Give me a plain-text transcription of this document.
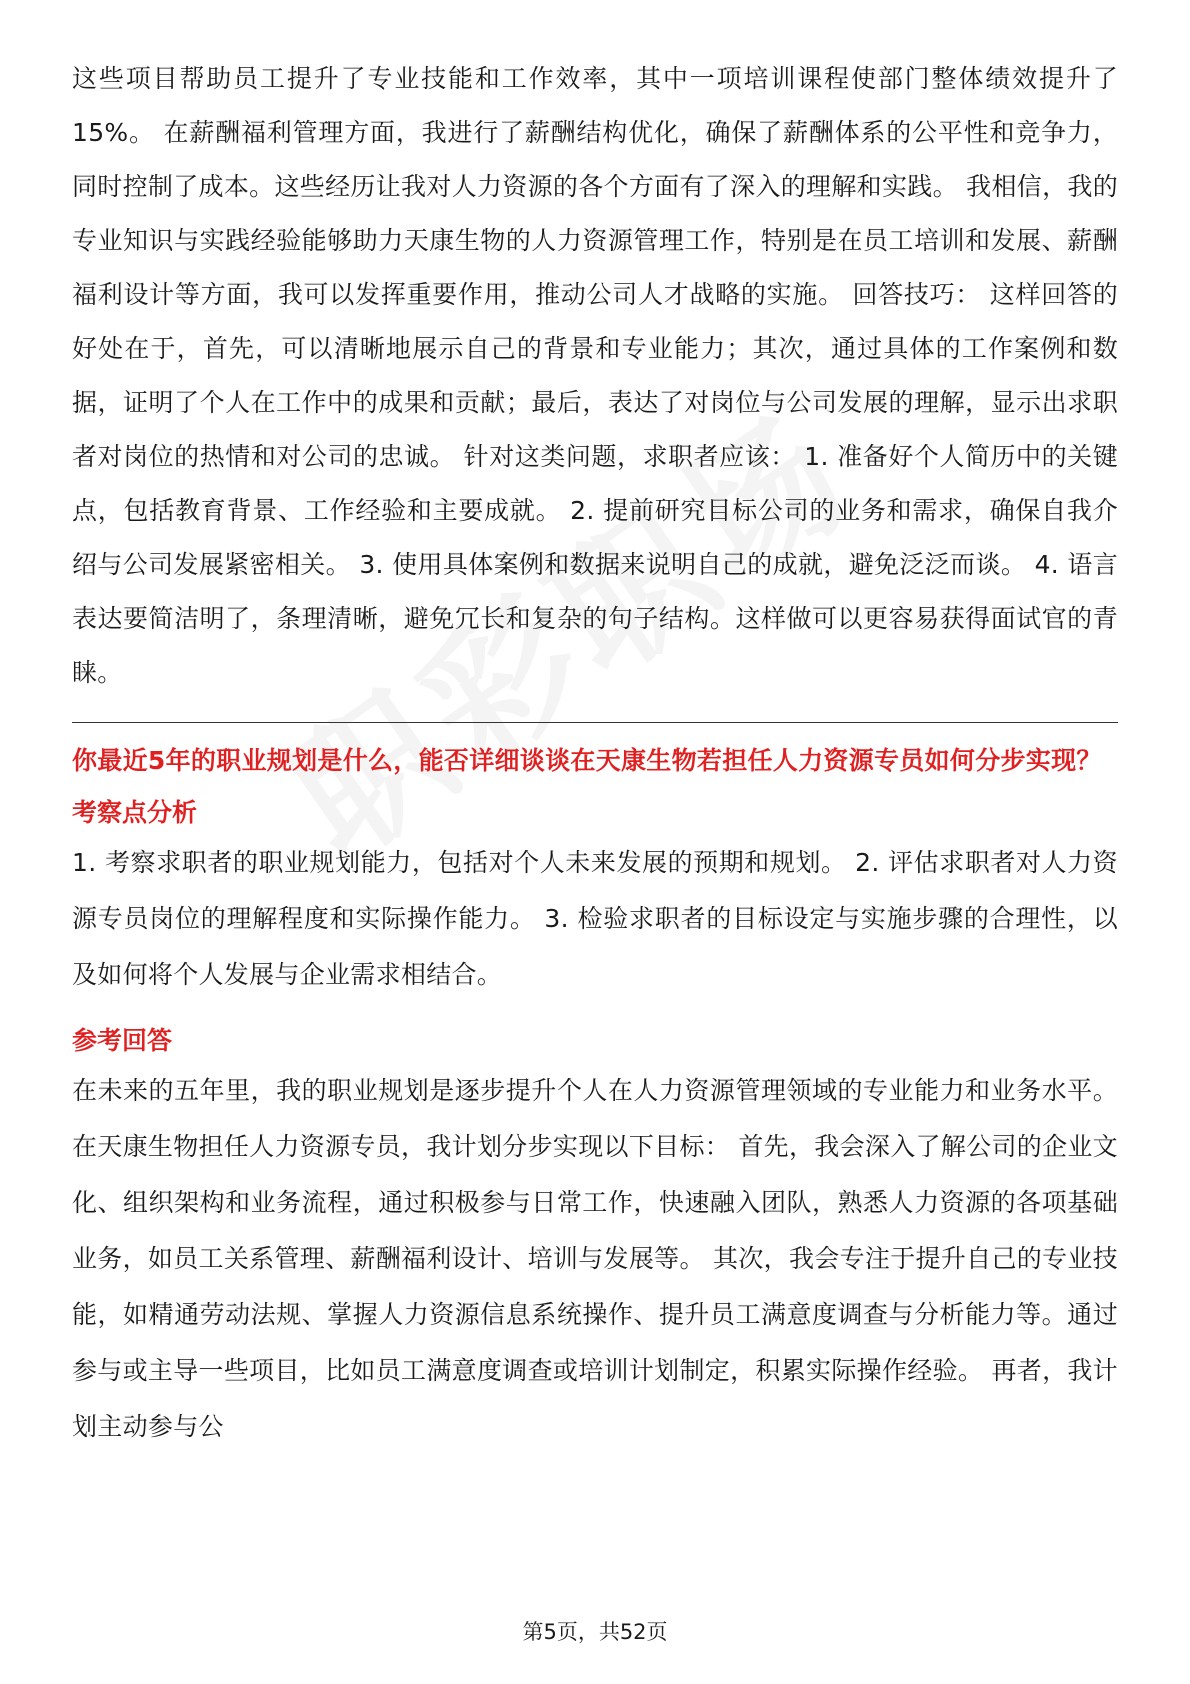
这些项目帮助员工提升了专业技能和工作效率，其中一项培训课程使部门整体绩效提升了15%。 在薪酬福利管理方面，我进行了薪酬结构优化，确保了薪酬体系的公平性和竞争力，同时控制了成本。这些经历让我对人力资源的各个方面有了深入的理解和实践。 我相信，我的专业知识与实践经验能够助力天康生物的人力资源管理工作，特别是在员工培训和发展、薪酬福利设计等方面，我可以发挥重要作用，推动公司人才战略的实施。 回答技巧： 这样回答的好处在于，首先，可以清晰地展示自己的背景和专业能力；其次，通过具体的工作案例和数据，证明了个人在工作中的成果和贡献；最后，表达了对岗位与公司发展的理解，显示出求职者对岗位的热情和对公司的忠诚。 针对这类问题，求职者应该： 1. 准备好个人简历中的关键点，包括教育背景、工作经验和主要成就。 2. 提前研究目标公司的业务和需求，确保自我介绍与公司发展紧密相关。 3. 使用具体案例和数据来说明自己的成就，避免泛泛而谈。 4. 语言表达要简洁明了，条理清晰，避免冗长和复杂的句子结构。这样做可以更容易获得面试官的青睐。

你最近5年的职业规划是什么，能否详细谈谈在天康生物若担任人力资源专员如何分步实现？

考察点分析

1. 考察求职者的职业规划能力，包括对个人未来发展的预期和规划。 2. 评估求职者对人力资源专员岗位的理解程度和实际操作能力。 3. 检验求职者的目标设定与实施步骤的合理性，以及如何将个人发展与企业需求相结合。

参考回答

在未来的五年里，我的职业规划是逐步提升个人在人力资源管理领域的专业能力和业务水平。在天康生物担任人力资源专员，我计划分步实现以下目标： 首先，我会深入了解公司的企业文化、组织架构和业务流程，通过积极参与日常工作，快速融入团队，熟悉人力资源的各项基础业务，如员工关系管理、薪酬福利设计、培训与发展等。 其次，我会专注于提升自己的专业技能，如精通劳动法规、掌握人力资源信息系统操作、提升员工满意度调查与分析能力等。通过参与或主导一些项目，比如员工满意度调查或培训计划制定，积累实际操作经验。 再者，我计划主动参与公

第5页，共52页
